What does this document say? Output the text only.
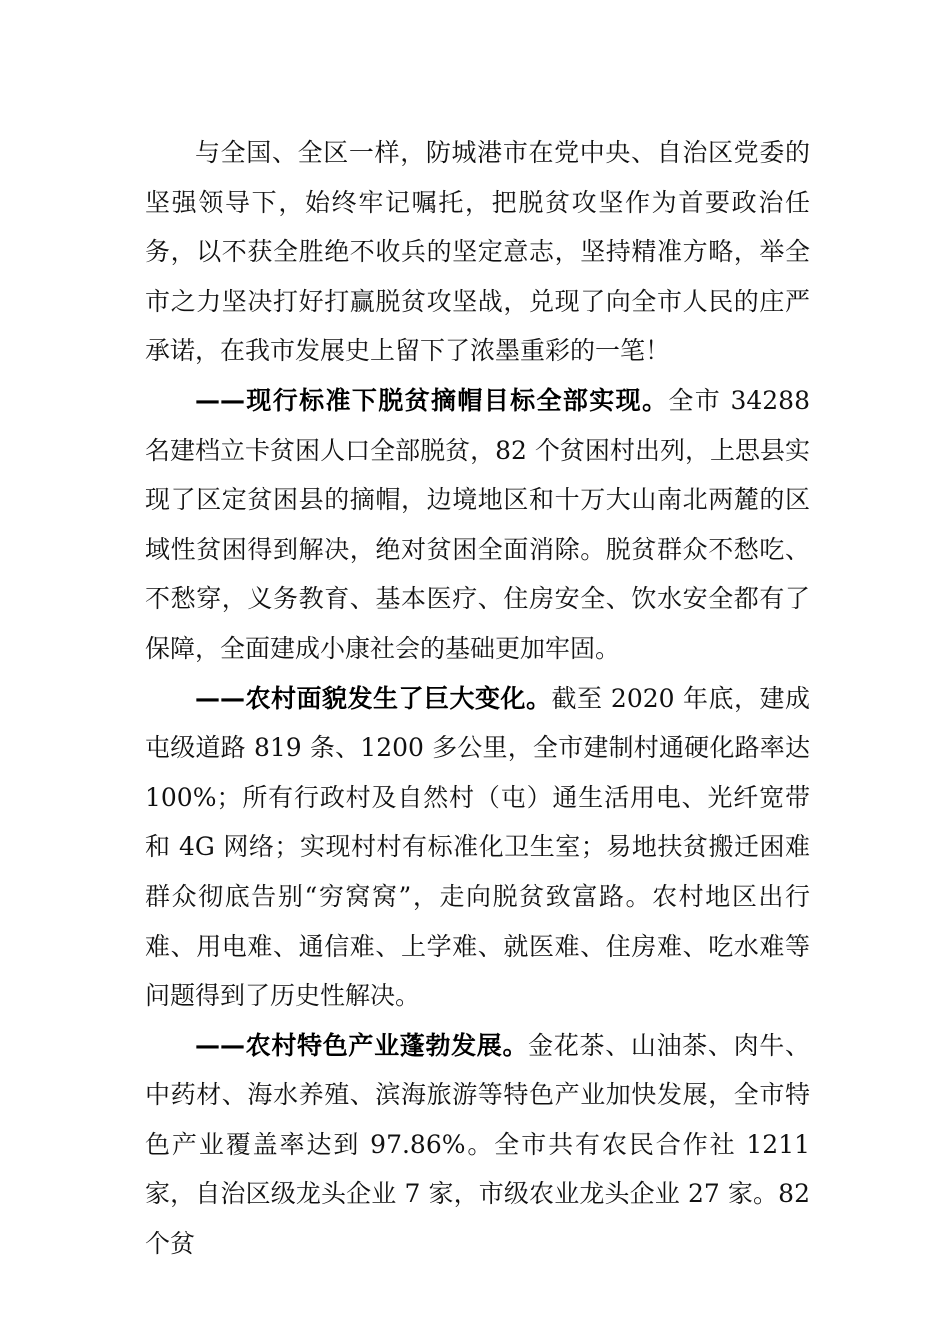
与全国、全区一样，防城港市在党中央、自治区党委的坚强领导下，始终牢记嘱托，把脱贫攻坚作为首要政治任务，以不获全胜绝不收兵的坚定意志，坚持精准方略，举全市之力坚决打好打赢脱贫攻坚战，兑现了向全市人民的庄严承诺，在我市发展史上留下了浓墨重彩的一笔！

——现行标准下脱贫摘帽目标全部实现。全市 34288 名建档立卡贫困人口全部脱贫，82 个贫困村出列，上思县实现了区定贫困县的摘帽，边境地区和十万大山南北两麓的区域性贫困得到解决，绝对贫困全面消除。脱贫群众不愁吃、不愁穿，义务教育、基本医疗、住房安全、饮水安全都有了保障，全面建成小康社会的基础更加牢固。

——农村面貌发生了巨大变化。截至 2020 年底，建成屯级道路 819 条、1200 多公里，全市建制村通硬化路率达 100%；所有行政村及自然村（屯）通生活用电、光纤宽带和 4G 网络；实现村村有标准化卫生室；易地扶贫搬迁困难群众彻底告别“穷窝窝”，走向脱贫致富路。农村地区出行难、用电难、通信难、上学难、就医难、住房难、吃水难等问题得到了历史性解决。

——农村特色产业蓬勃发展。金花茶、山油茶、肉牛、中药材、海水养殖、滨海旅游等特色产业加快发展，全市特色产业覆盖率达到 97.86%。全市共有农民合作社 1211 家，自治区级龙头企业 7 家，市级农业龙头企业 27 家。82 个贫
